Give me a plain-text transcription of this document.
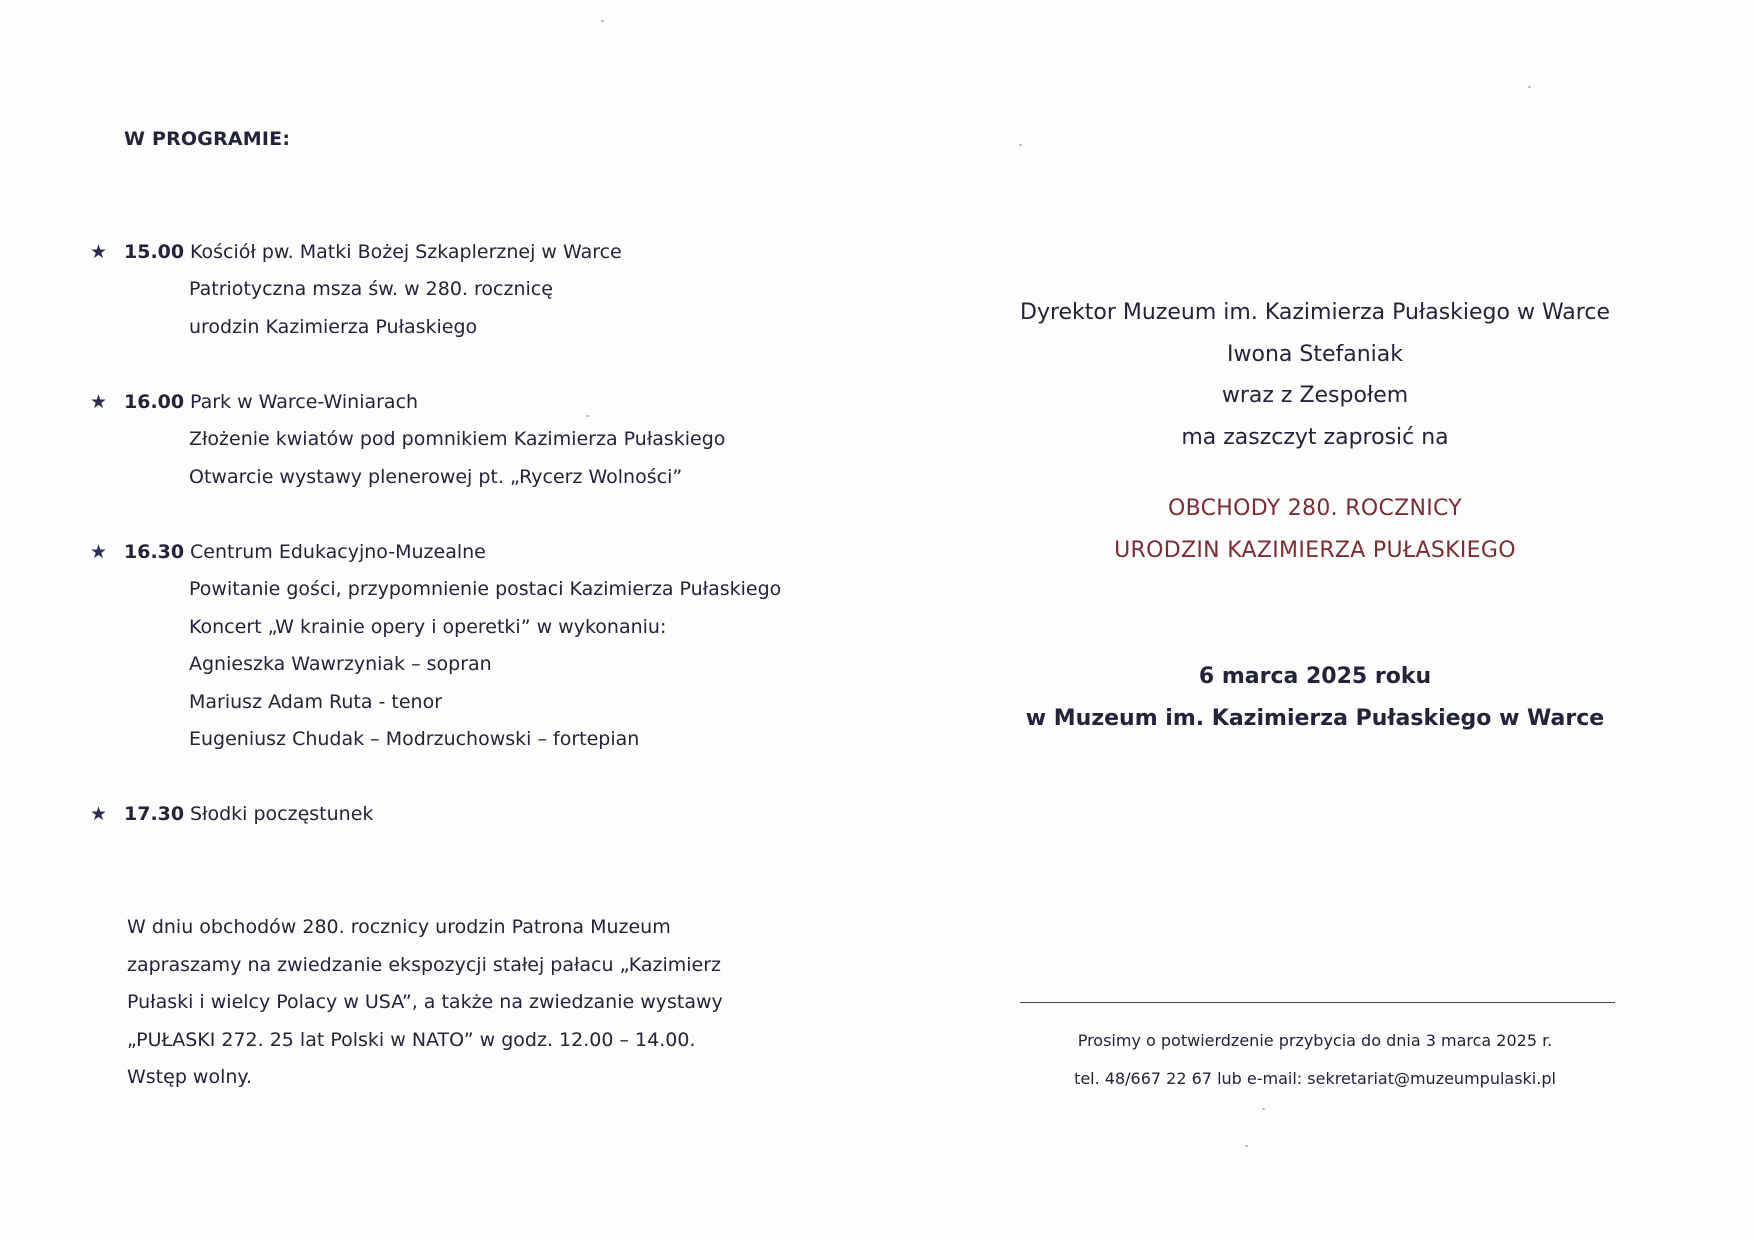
W PROGRAMIE:
★ 15.00 Kościół pw. Matki Bożej Szkaplerznej w Warce
Patriotyczna msza św. w 280. rocznicę
urodzin Kazimierza Pułaskiego
★ 16.00 Park w Warce-Winiarach
Złożenie kwiatów pod pomnikiem Kazimierza Pułaskiego
Otwarcie wystawy plenerowej pt. „Rycerz Wolności”
★ 16.30 Centrum Edukacyjno-Muzealne
Powitanie gości, przypomnienie postaci Kazimierza Pułaskiego
Koncert „W krainie opery i operetki” w wykonaniu:
Agnieszka Wawrzyniak – sopran
Mariusz Adam Ruta - tenor
Eugeniusz Chudak – Modrzuchowski – fortepian
★ 17.30 Słodki poczęstunek
W dniu obchodów 280. rocznicy urodzin Patrona Muzeum
zapraszamy na zwiedzanie ekspozycji stałej pałacu „Kazimierz
Pułaski i wielcy Polacy w USA”, a także na zwiedzanie wystawy
„PUŁASKI 272. 25 lat Polski w NATO” w godz. 12.00 – 14.00.
Wstęp wolny.
Dyrektor Muzeum im. Kazimierza Pułaskiego w Warce
Iwona Stefaniak
wraz z Zespołem
ma zaszczyt zaprosić na
OBCHODY 280. ROCZNICY
URODZIN KAZIMIERZA PUŁASKIEGO
6 marca 2025 roku
w Muzeum im. Kazimierza Pułaskiego w Warce
Prosimy o potwierdzenie przybycia do dnia 3 marca 2025 r.
tel. 48/667 22 67 lub e-mail: sekretariat@muzeumpulaski.pl
